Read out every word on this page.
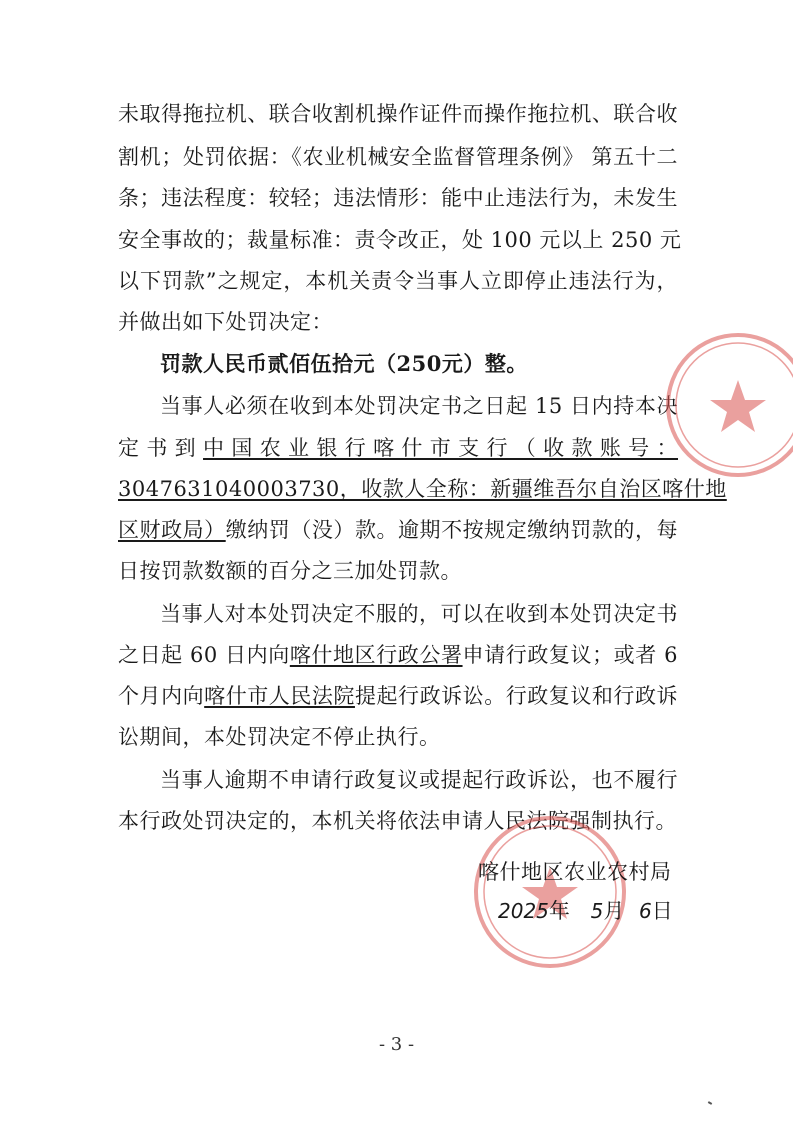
未取得拖拉机、联合收割机操作证件而操作拖拉机、联合收
割机；处罚依据：《农业机械安全监督管理条例》 第五十二
条；违法程度：较轻；违法情形：能中止违法行为，未发生
安全事故的；裁量标准：责令改正，处 100 元以上 250 元
以下罚款”之规定，本机关责令当事人立即停止违法行为，
并做出如下处罚决定：
罚款人民币贰佰伍拾元（250元）整。
当事人必须在收到本处罚决定书之日起 15 日内持本决
定书到中国农业银行喀什市支行（收款账号：
3047631040003730，收款人全称：新疆维吾尔自治区喀什地
区财政局）缴纳罚（没）款。逾期不按规定缴纳罚款的，每
日按罚款数额的百分之三加处罚款。
当事人对本处罚决定不服的，可以在收到本处罚决定书
之日起 60 日内向喀什地区行政公署申请行政复议；或者 6
个月内向喀什市人民法院提起行政诉讼。行政复议和行政诉
讼期间，本处罚决定不停止执行。
当事人逾期不申请行政复议或提起行政诉讼，也不履行
本行政处罚决定的，本机关将依法申请人民法院强制执行。
喀什地区农业农村局
2025年 5月 6日
- 3 -
